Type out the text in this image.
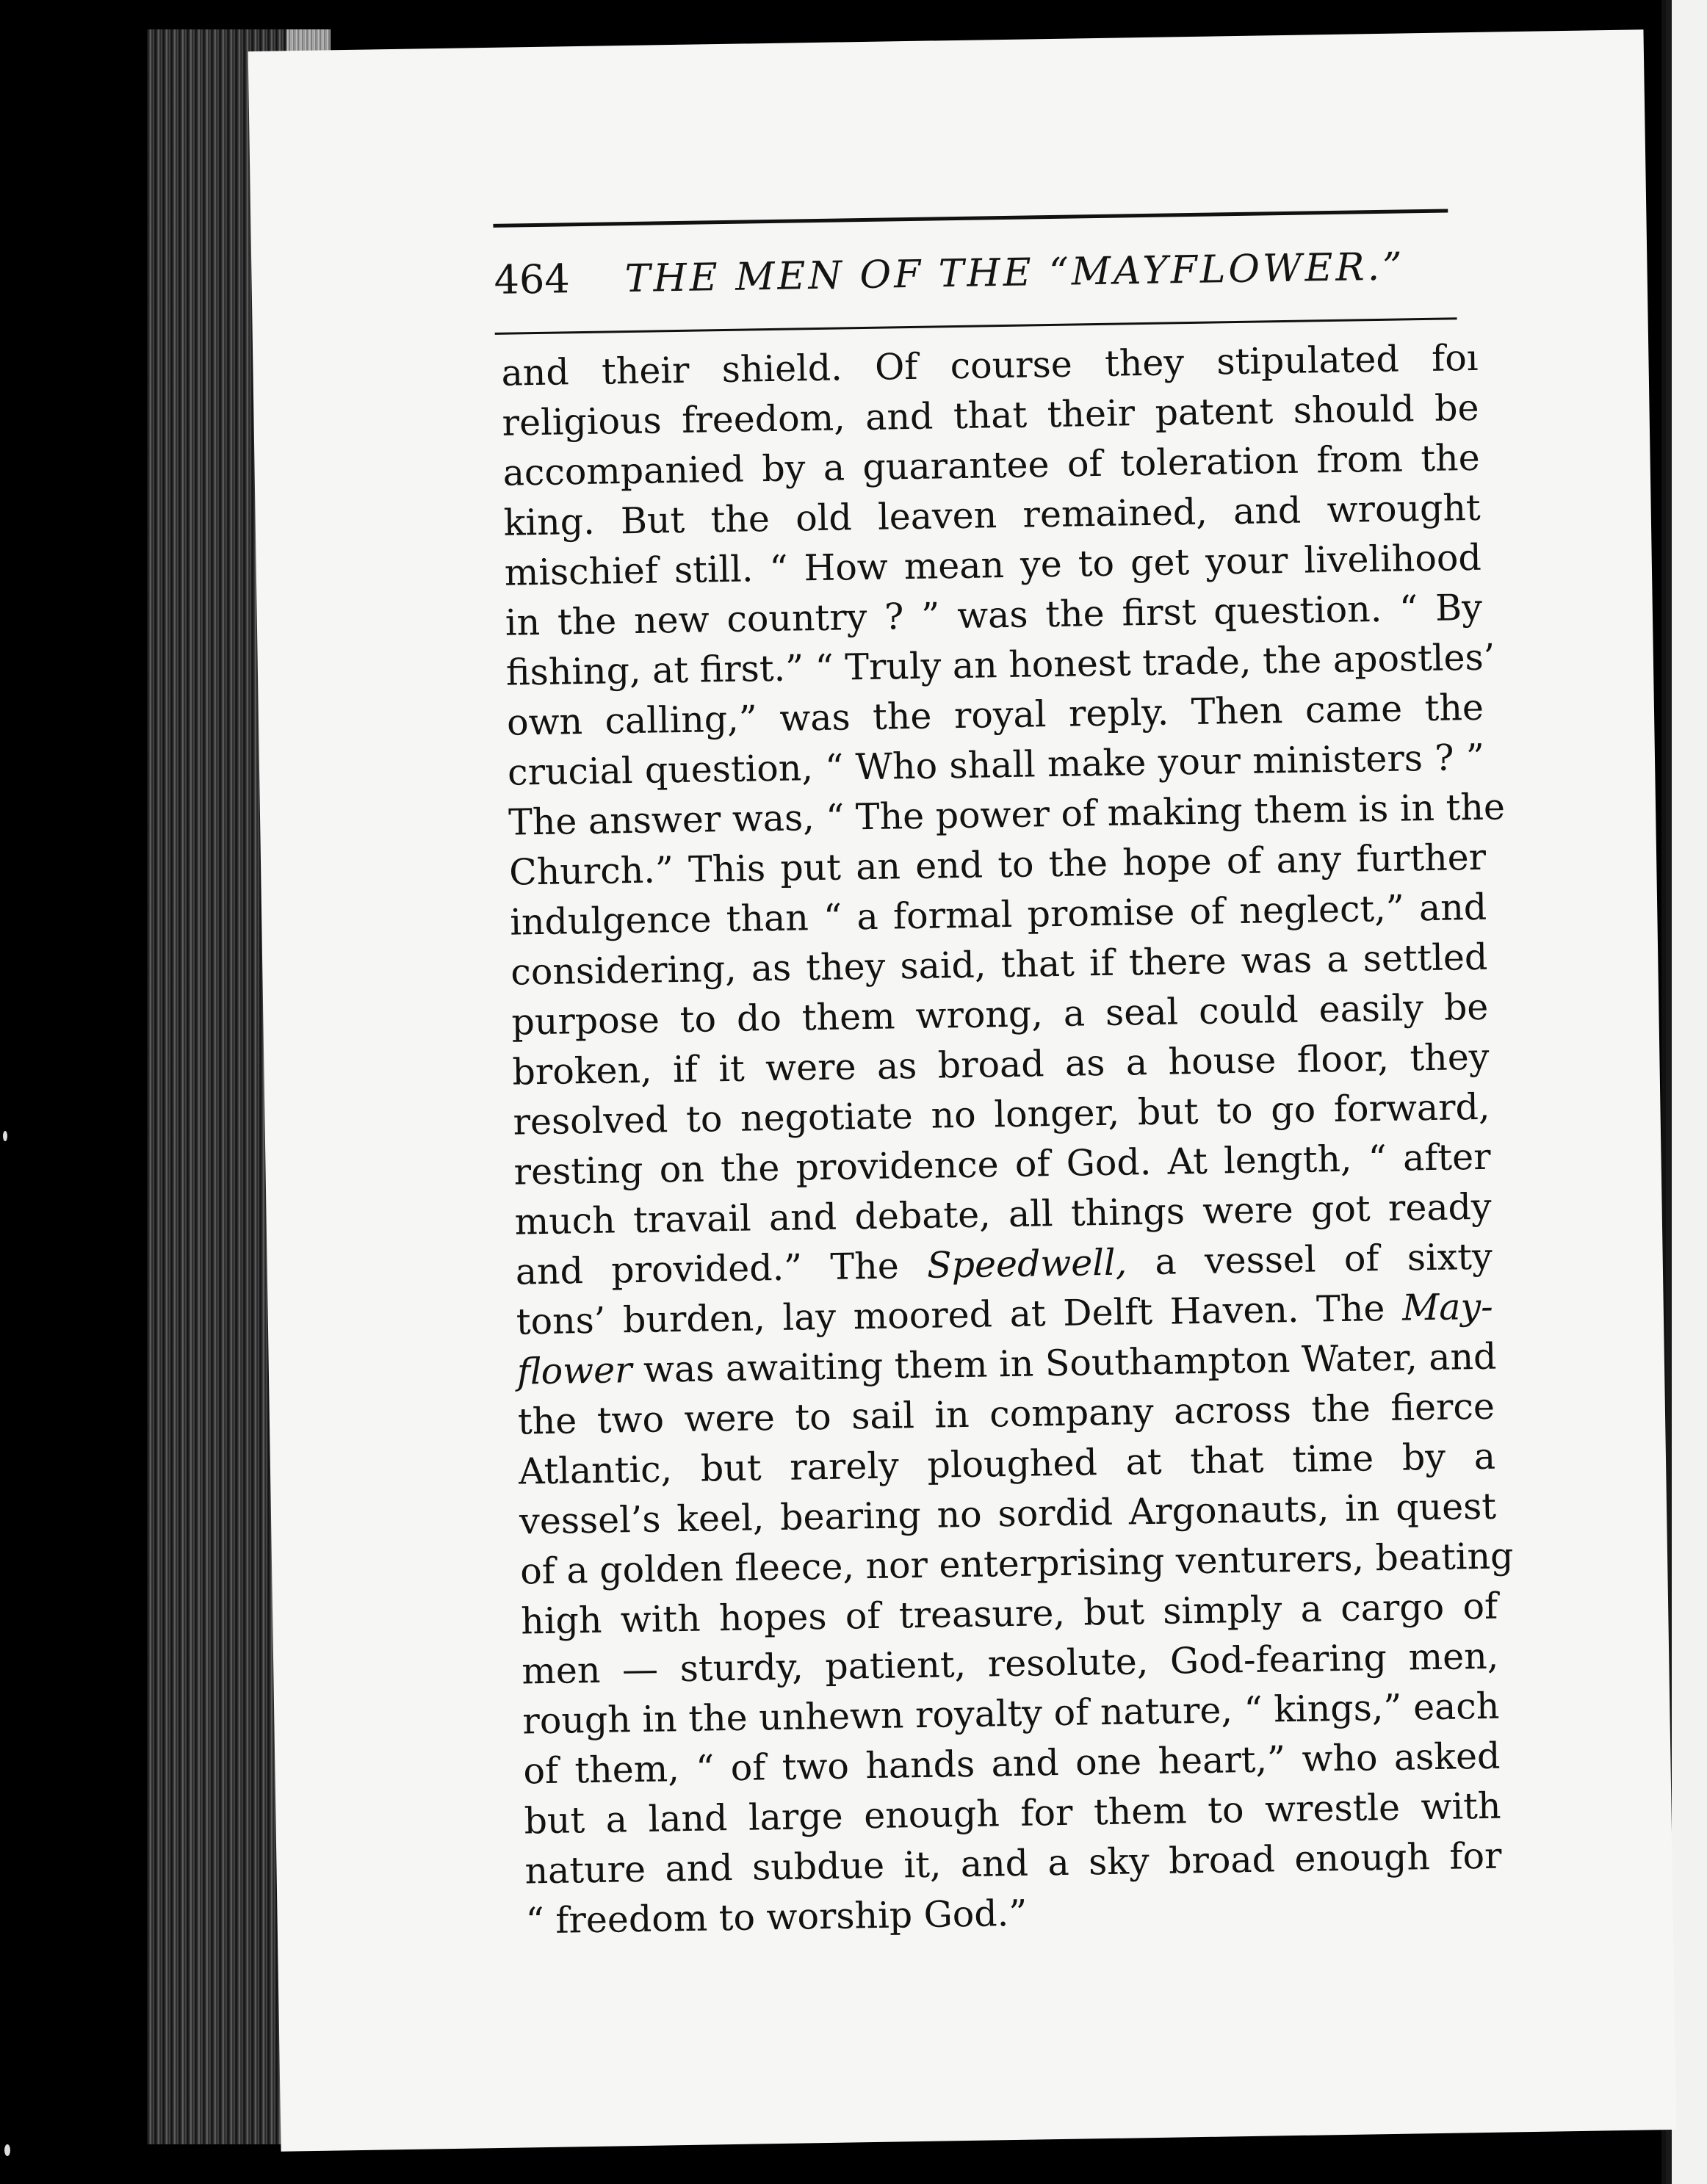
464 THE MEN OF THE “MAYFLOWER.”
and their shield. Of course they stipulated foı
religious freedom, and that their patent should be
accompanied by a guarantee of toleration from the
king. But the old leaven remained, and wrought
mischief still. “ How mean ye to get your livelihood
in the new country ? ” was the first question. “ By
fishing, at first.” “ Truly an honest trade, the apostles’
own calling,” was the royal reply. Then came the
crucial question, “ Who shall make your ministers ? ”
The answer was, “ The power of making them is in the
Church.” This put an end to the hope of any further
indulgence than “ a formal promise of neglect,” and
considering, as they said, that if there was a settled
purpose to do them wrong, a seal could easily be
broken, if it were as broad as a house floor, they
resolved to negotiate no longer, but to go forward,
resting on the providence of God. At length, “ after
much travail and debate, all things were got ready
and provided.” The Speedwell, a vessel of sixty
tons’ burden, lay moored at Delft Haven. The May-
flower was awaiting them in Southampton Water, and
the two were to sail in company across the fierce
Atlantic, but rarely ploughed at that time by a
vessel’s keel, bearing no sordid Argonauts, in quest
of a golden fleece, nor enterprising venturers, beating
high with hopes of treasure, but simply a cargo of
men — sturdy, patient, resolute, God-fearing men,
rough in the unhewn royalty of nature, “ kings,” each
of them, “ of two hands and one heart,” who asked
but a land large enough for them to wrestle with
nature and subdue it, and a sky broad enough for
“ freedom to worship God.”
